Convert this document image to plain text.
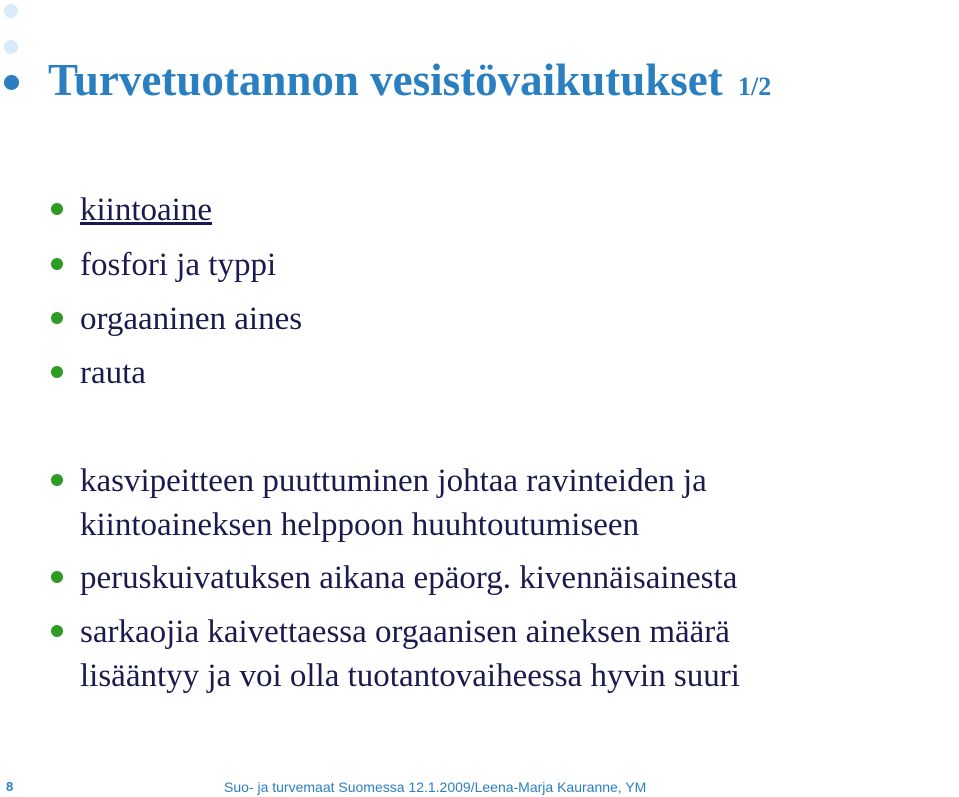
Turvetuotannon vesistövaikutukset 1/2
kiintoaine
fosfori ja typpi
orgaaninen aines
rauta
kasvipeitteen puuttuminen johtaa ravinteiden ja
kiintoaineksen helppoon huuhtoutumiseen
peruskuivatuksen aikana epäorg. kivennäisainesta
sarkaojia kaivettaessa orgaanisen aineksen määrä
lisääntyy ja voi olla tuotantovaiheessa hyvin suuri
8	Suo- ja turvemaat Suomessa 12.1.2009/Leena-Marja Kauranne, YM
